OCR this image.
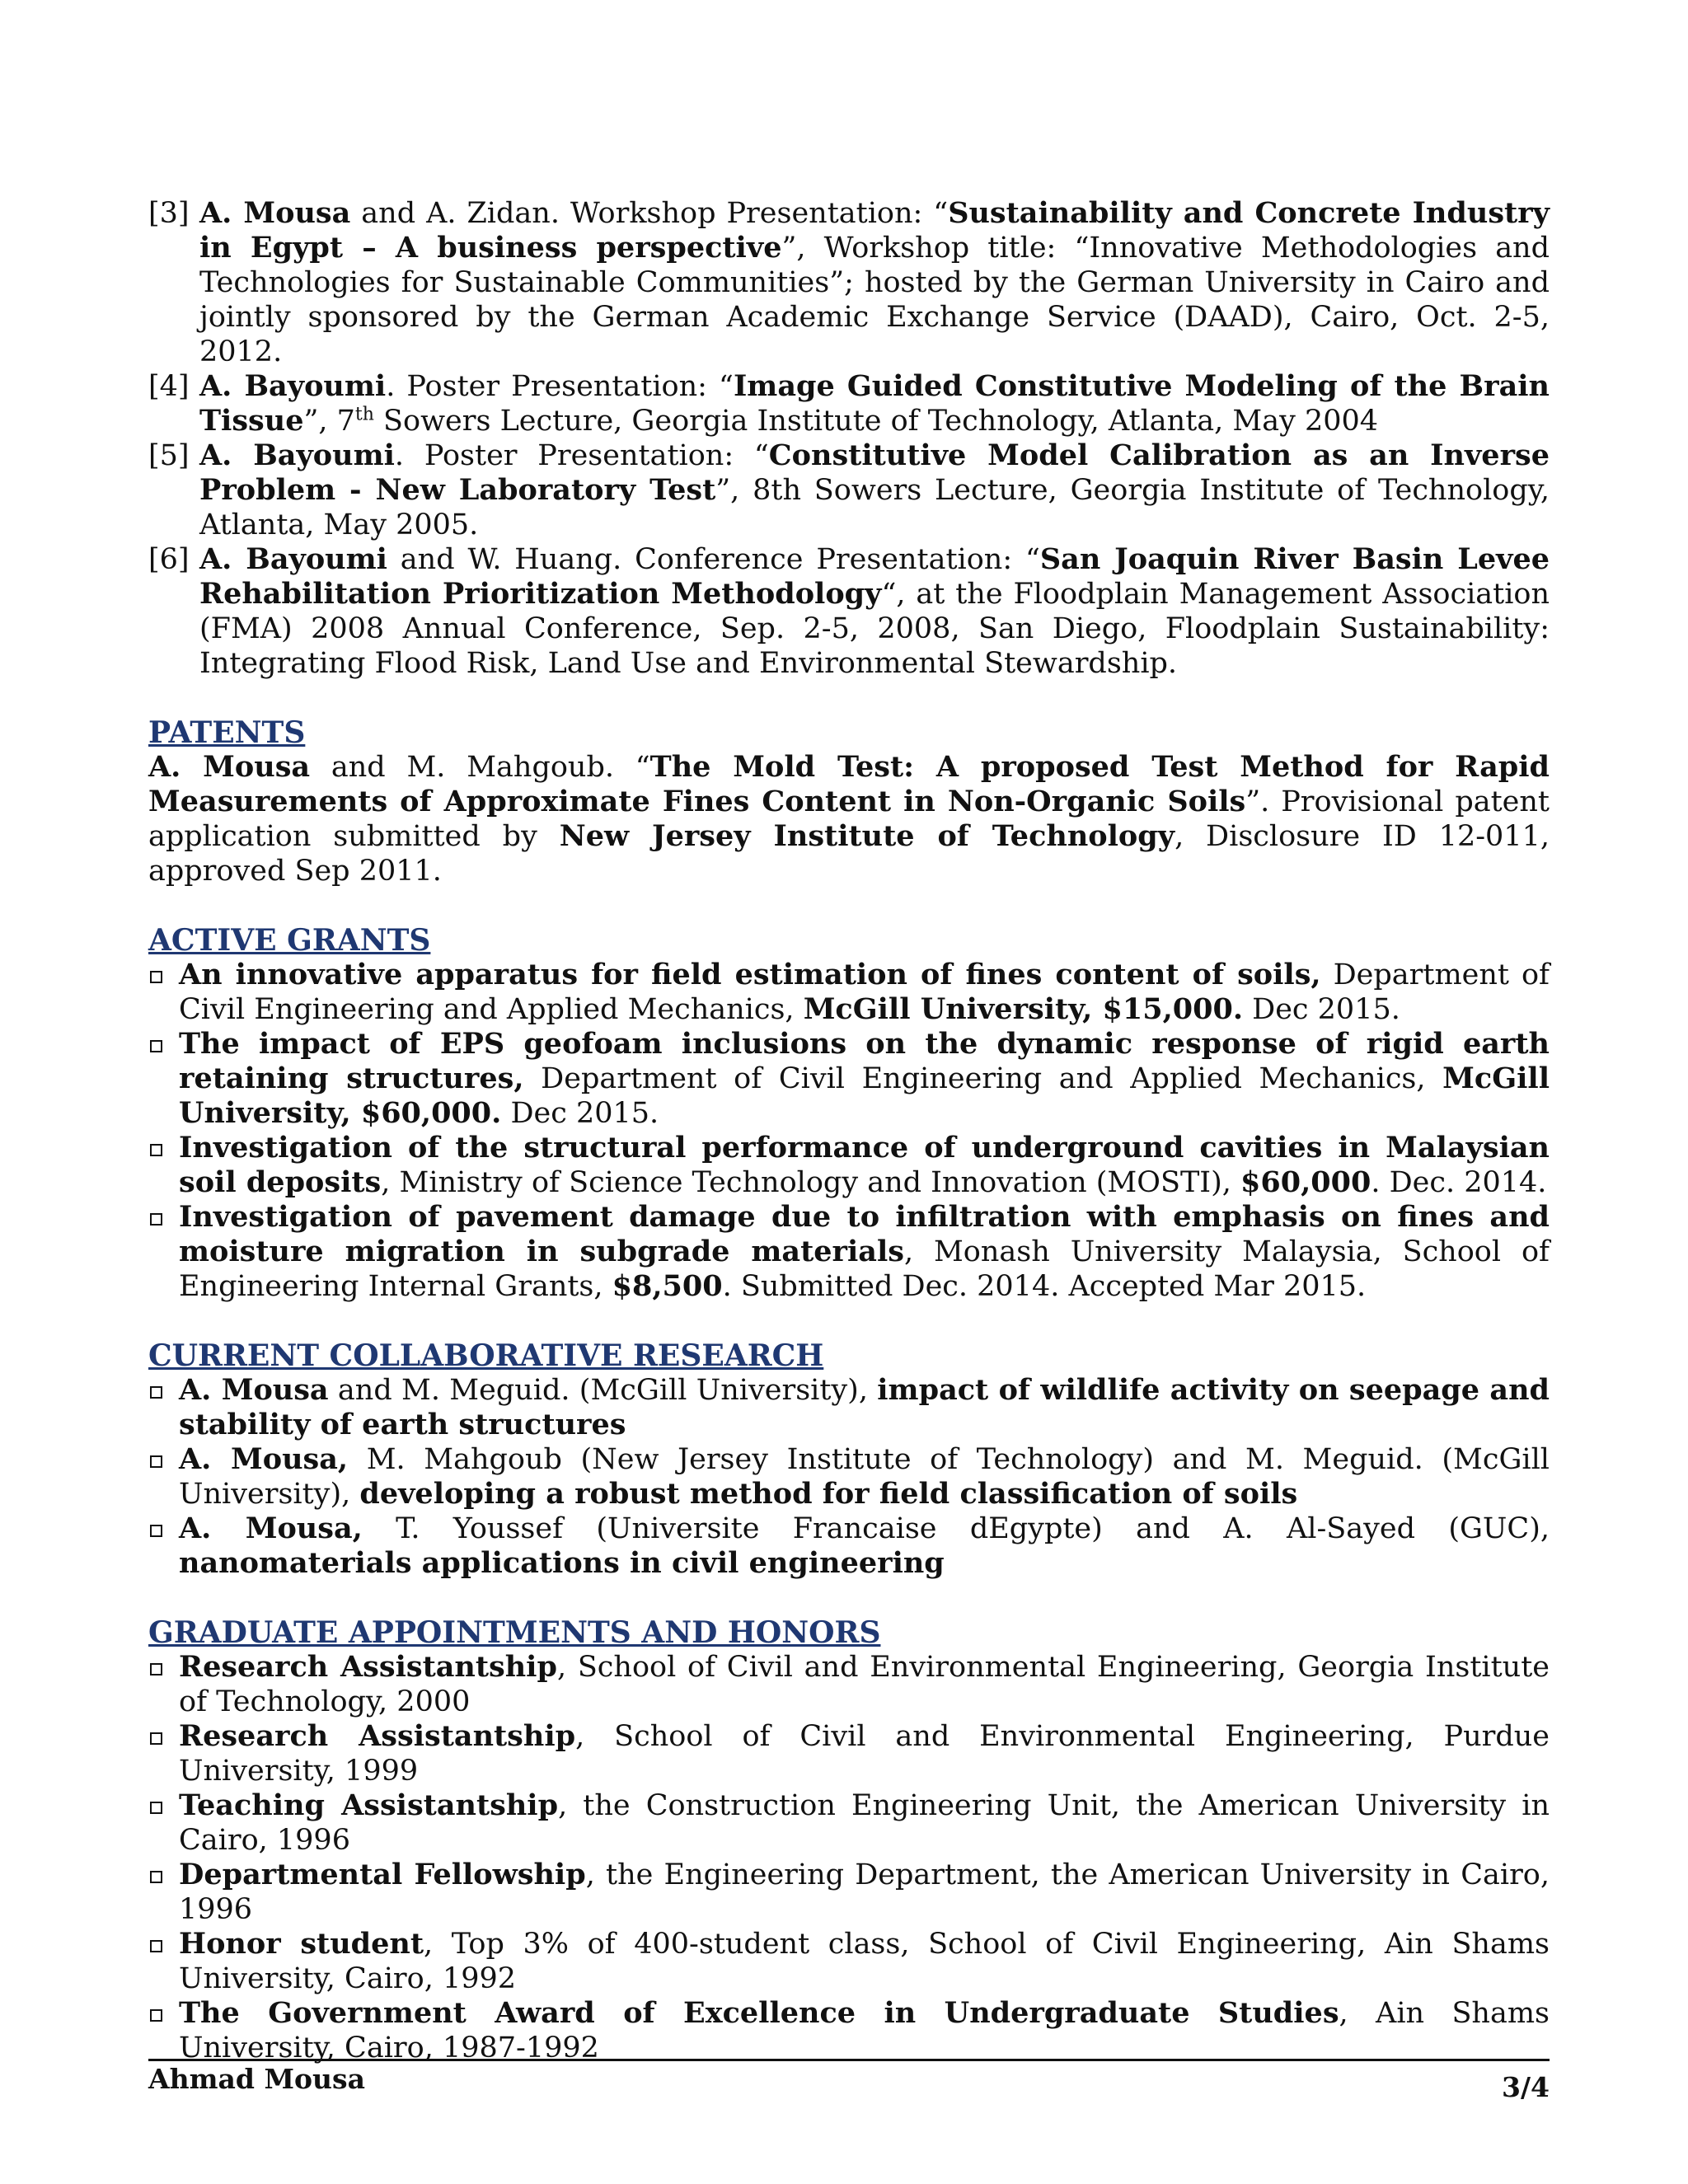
[3] A. Mousa and A. Zidan. Workshop Presentation: “Sustainability and Concrete Industry in Egypt – A business perspective”, Workshop title: “Innovative Methodologies and Technologies for Sustainable Communities”; hosted by the German University in Cairo and jointly sponsored by the German Academic Exchange Service (DAAD), Cairo, Oct. 2-5, 2012.
[4] A. Bayoumi. Poster Presentation: “Image Guided Constitutive Modeling of the Brain Tissue”, 7th Sowers Lecture, Georgia Institute of Technology, Atlanta, May 2004
[5] A. Bayoumi. Poster Presentation: “Constitutive Model Calibration as an Inverse Problem - New Laboratory Test”, 8th Sowers Lecture, Georgia Institute of Technology, Atlanta, May 2005.
[6] A. Bayoumi and W. Huang. Conference Presentation: “San Joaquin River Basin Levee Rehabilitation Prioritization Methodology“, at the Floodplain Management Association (FMA) 2008 Annual Conference, Sep. 2-5, 2008, San Diego, Floodplain Sustainability: Integrating Flood Risk, Land Use and Environmental Stewardship.
PATENTS

A. Mousa and M. Mahgoub. “The Mold Test: A proposed Test Method for Rapid Measurements of Approximate Fines Content in Non-Organic Soils”. Provisional patent application submitted by New Jersey Institute of Technology, Disclosure ID 12-011, approved Sep 2011.

ACTIVE GRANTS
An innovative apparatus for field estimation of fines content of soils, Department of Civil Engineering and Applied Mechanics, McGill University, $15,000. Dec 2015.
The impact of EPS geofoam inclusions on the dynamic response of rigid earth retaining structures, Department of Civil Engineering and Applied Mechanics, McGill University, $60,000. Dec 2015.
Investigation of the structural performance of underground cavities in Malaysian soil deposits, Ministry of Science Technology and Innovation (MOSTI), $60,000. Dec. 2014.
Investigation of pavement damage due to infiltration with emphasis on fines and moisture migration in subgrade materials, Monash University Malaysia, School of Engineering Internal Grants, $8,500. Submitted Dec. 2014. Accepted Mar 2015.
CURRENT COLLABORATIVE RESEARCH
A. Mousa and M. Meguid. (McGill University), impact of wildlife activity on seepage and stability of earth structures
A. Mousa, M. Mahgoub (New Jersey Institute of Technology) and M. Meguid. (McGill University), developing a robust method for field classification of soils
A. Mousa, T. Youssef (Universite Francaise dEgypte) and A. Al-Sayed (GUC), nanomaterials applications in civil engineering
GRADUATE APPOINTMENTS AND HONORS
Research Assistantship, School of Civil and Environmental Engineering, Georgia Institute of Technology, 2000
Research Assistantship, School of Civil and Environmental Engineering, Purdue University, 1999
Teaching Assistantship, the Construction Engineering Unit, the American University in Cairo, 1996
Departmental Fellowship, the Engineering Department, the American University in Cairo, 1996
Honor student, Top 3% of 400-student class, School of Civil Engineering, Ain Shams University, Cairo, 1992
The Government Award of Excellence in Undergraduate Studies, Ain Shams University, Cairo, 1987-1992
Ahmad Mousa	3/4
